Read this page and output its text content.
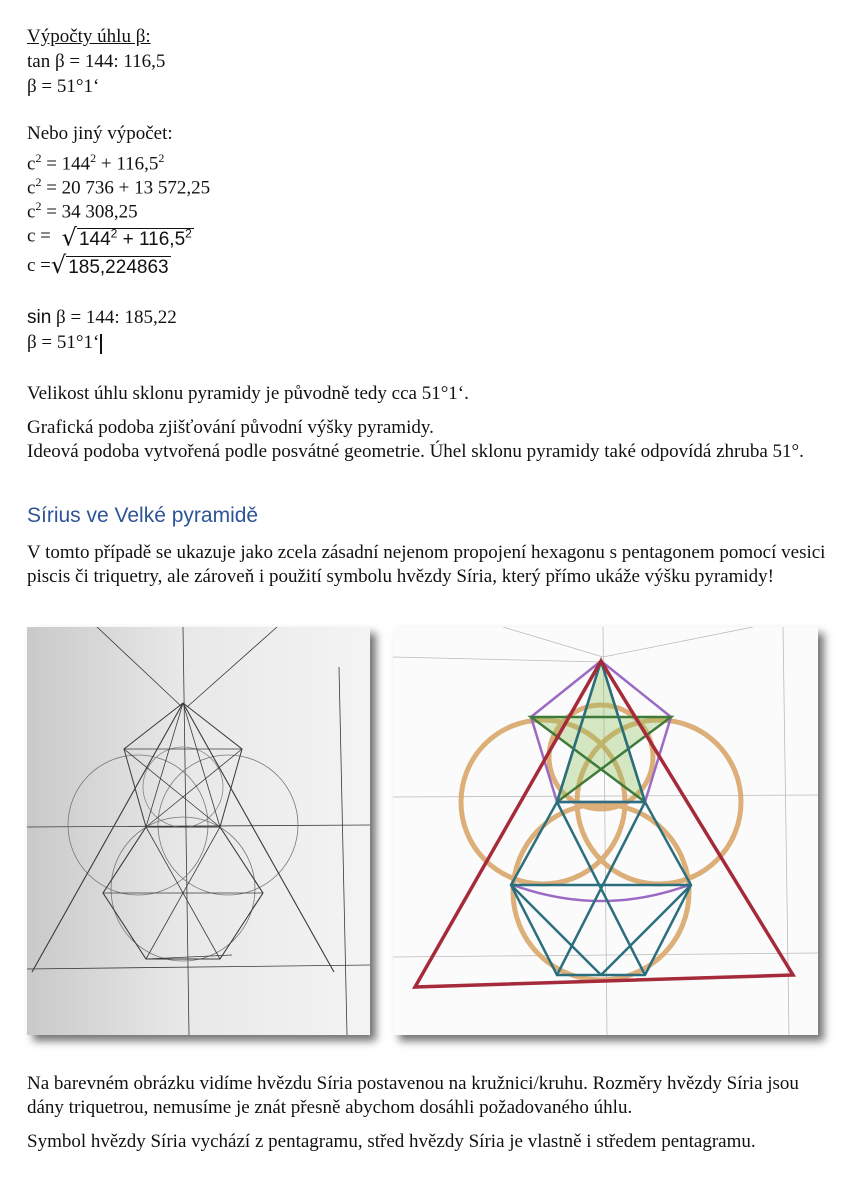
Výpočty úhlu β:
tan β = 144: 116,5
β = 51°1‘
Nebo jiný výpočet:
$c^2 = 144^2 + 116,5^2$
$c^2 = 20$ 736 + 13 572,25
$c^2 = 34$ 308,25
c = √ $144^2 + 116,5^2$
c =√ 185,224863
sin β = 144: 185,22
β = 51°1‘
Velikost úhlu sklonu pyramidy je původně tedy cca 51°1‘.
Grafická podoba zjišťování původní výšky pyramidy.
Ideová podoba vytvořená podle posvátné geometrie. Úhel sklonu pyramidy také odpovídá zhruba 51°.
Sírius ve Velké pyramidě
V tomto případě se ukazuje jako zcela zásadní nejenom propojení hexagonu s pentagonem pomocí vesici piscis či triquetry, ale zároveň i použití symbolu hvězdy Síria, který přímo ukáže výšku pyramidy!
Na barevném obrázku vidíme hvězdu Síria postavenou na kružnici/kruhu. Rozměry hvězdy Síria jsou dány triquetrou, nemusíme je znát přesně abychom dosáhli požadovaného úhlu.
Symbol hvězdy Síria vychází z pentagramu, střed hvězdy Síria je vlastně i středem pentagramu.
